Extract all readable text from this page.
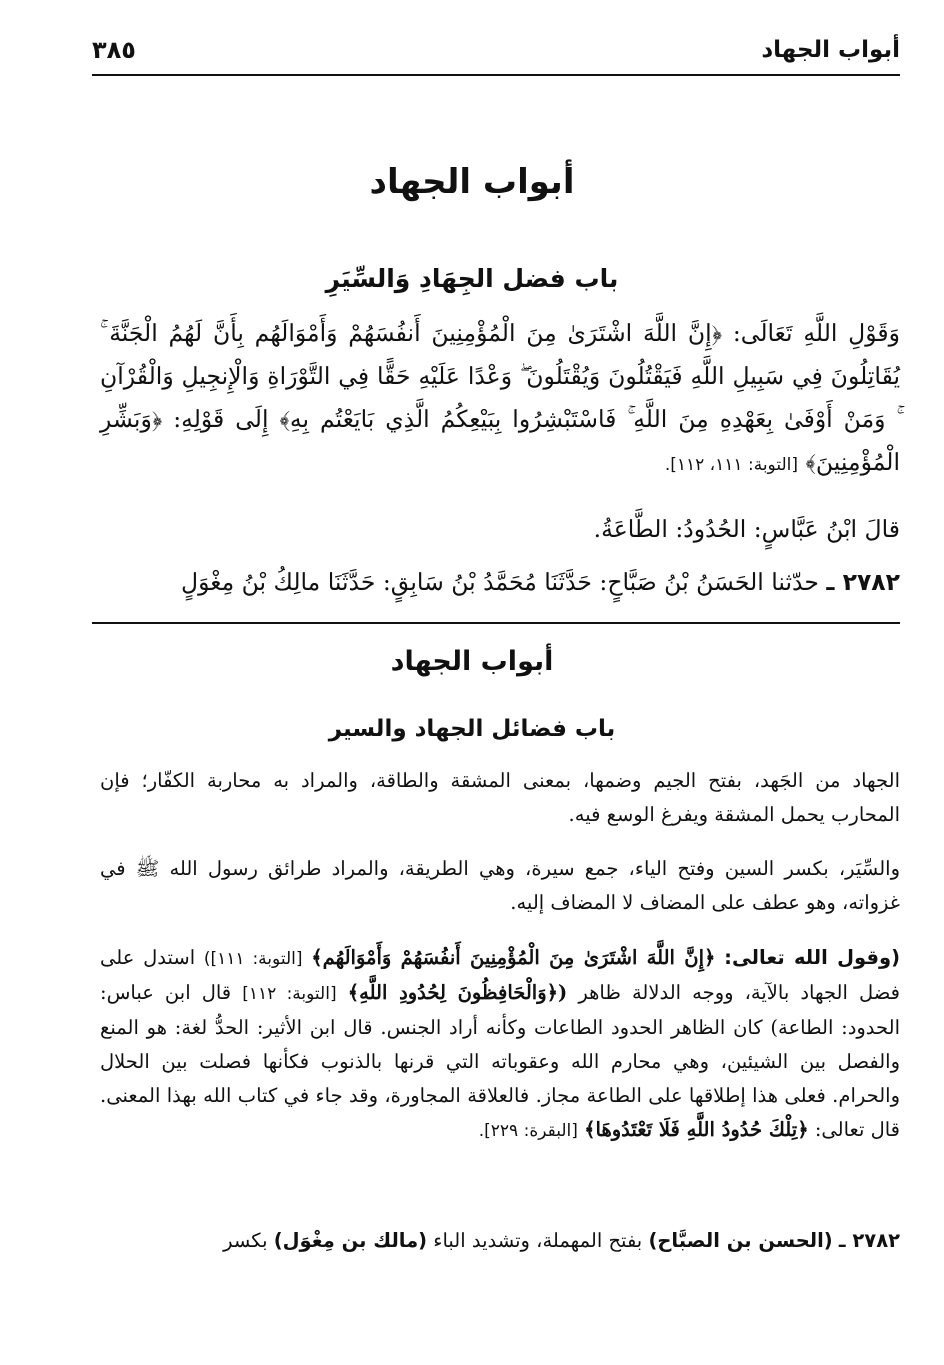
أبواب الجهاد
٣٨٥
أبواب الجهاد
باب فضل الجِهَادِ وَالسِّيَرِ
وَقَوْلِ اللَّهِ تَعَالَى: ﴿إِنَّ اللَّهَ اشْتَرَىٰ مِنَ الْمُؤْمِنِينَ أَنفُسَهُمْ وَأَمْوَالَهُم بِأَنَّ لَهُمُ الْجَنَّةَ ۚ يُقَاتِلُونَ فِي سَبِيلِ اللَّهِ فَيَقْتُلُونَ وَيُقْتَلُونَ ۖ وَعْدًا عَلَيْهِ حَقًّا فِي التَّوْرَاةِ وَالْإِنجِيلِ وَالْقُرْآنِ ۚ وَمَنْ أَوْفَىٰ بِعَهْدِهِ مِنَ اللَّهِ ۚ فَاسْتَبْشِرُوا بِبَيْعِكُمُ الَّذِي بَايَعْتُم بِهِ﴾ إِلَى قَوْلِهِ: ﴿وَبَشِّرِ الْمُؤْمِنِينَ﴾ [التوبة: ١١١، ١١٢].
قالَ ابْنُ عَبَّاسٍ: الحُدُودُ: الطَّاعَةُ.
٢٧٨٢ ـ حدّثنا الحَسَنُ بْنُ صَبَّاحٍ: حَدَّثَنَا مُحَمَّدُ بْنُ سَابِقٍ: حَدَّثَنَا مالِكُ بْنُ مِغْوَلٍ
أبواب الجهاد
باب فضائل الجهاد والسير
الجهاد من الجَهد، بفتح الجيم وضمها، بمعنى المشقة والطاقة، والمراد به محاربة الكفّار؛ فإن المحارب يحمل المشقة ويفرغ الوسع فيه.
والسِّيَر، بكسر السين وفتح الياء، جمع سيرة، وهي الطريقة، والمراد طرائق رسول الله ﷺ في غزواته، وهو عطف على المضاف لا المضاف إليه.
(وقول الله تعالى: ﴿إِنَّ اللَّهَ اشْتَرَىٰ مِنَ الْمُؤْمِنِينَ أَنفُسَهُمْ وَأَمْوَالَهُم﴾ [التوبة: ١١١]) استدل على فضل الجهاد بالآية، ووجه الدلالة ظاهر (﴿وَالْحَافِظُونَ لِحُدُودِ اللَّهِ﴾ [التوبة: ١١٢] قال ابن عباس: الحدود: الطاعة) كان الظاهر الحدود الطاعات وكأنه أراد الجنس. قال ابن الأثير: الحدُّ لغة: هو المنع والفصل بين الشيئين، وهي محارم الله وعقوباته التي قرنها بالذنوب فكأنها فصلت بين الحلال والحرام. فعلى هذا إطلاقها على الطاعة مجاز. فالعلاقة المجاورة، وقد جاء في كتاب الله بهذا المعنى. قال تعالى: ﴿تِلْكَ حُدُودُ اللَّهِ فَلَا تَعْتَدُوهَا﴾ [البقرة: ٢٢٩].
٢٧٨٢ ـ (الحسن بن الصبَّاح) بفتح المهملة، وتشديد الباء (مالك بن مِغْوَل) بكسر
